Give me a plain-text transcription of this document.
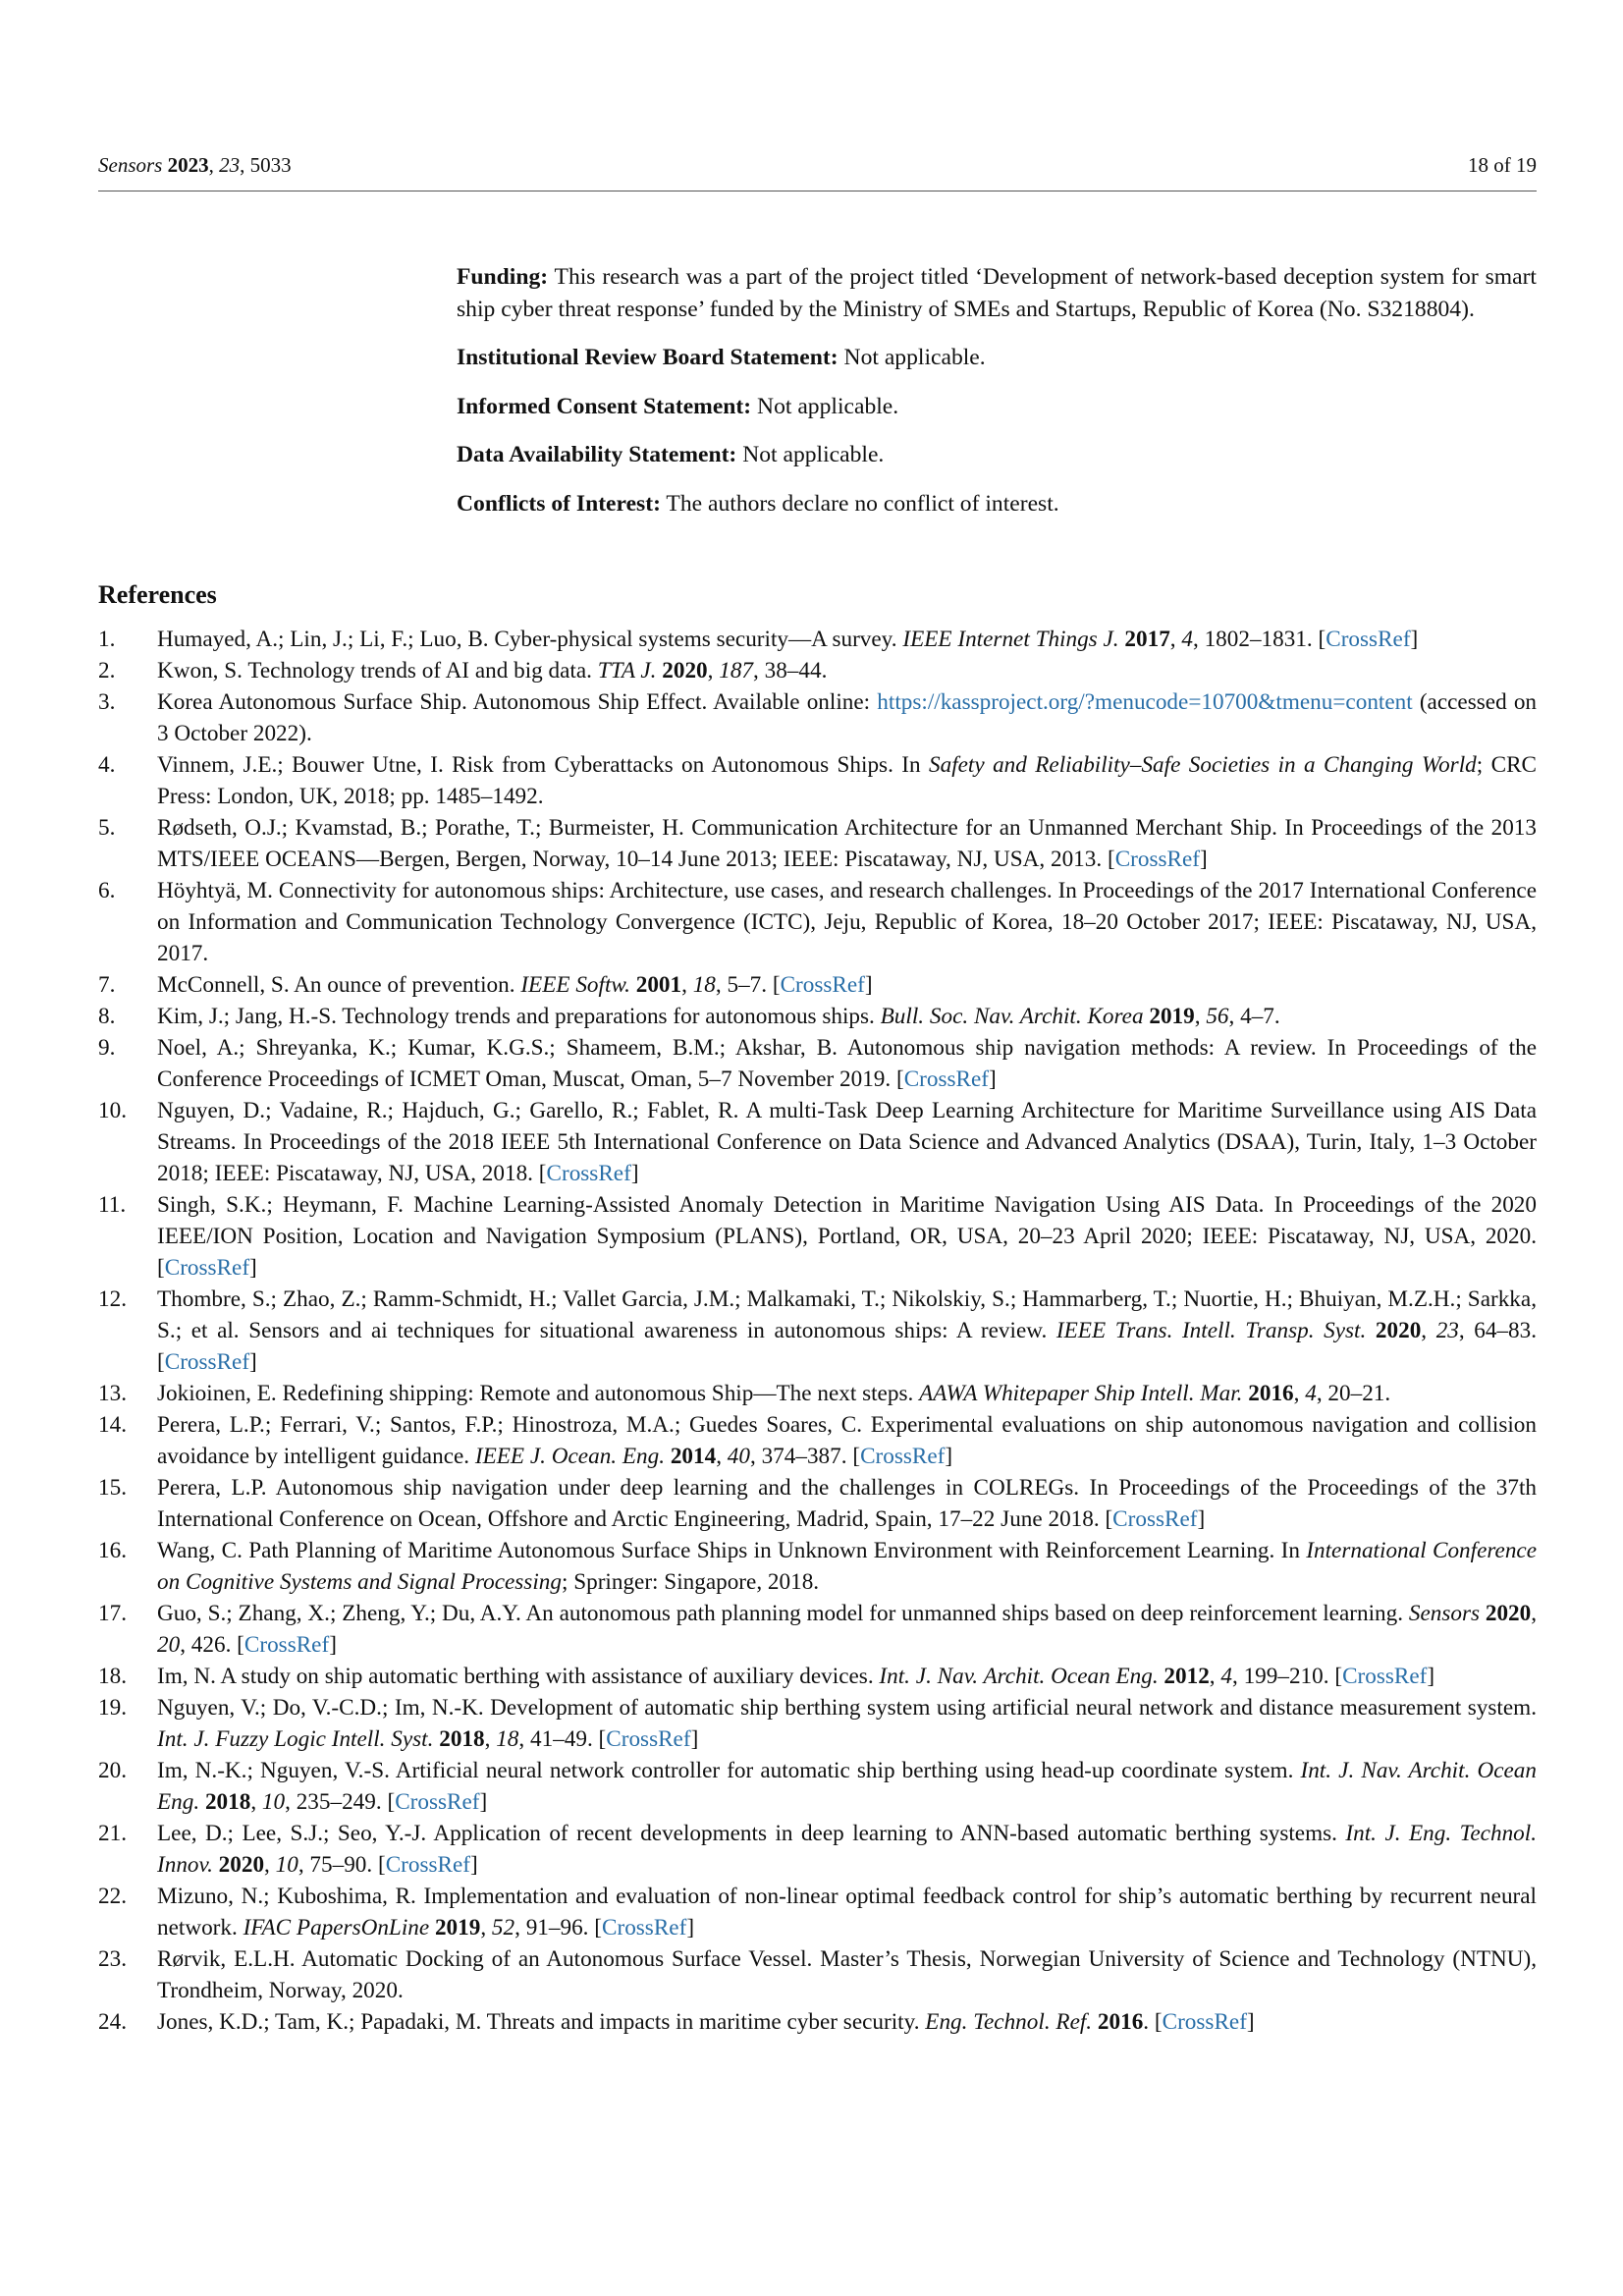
Sensors 2023, 23, 5033	18 of 19

Funding: This research was a part of the project titled ‘Development of network-based deception system for smart ship cyber threat response’ funded by the Ministry of SMEs and Startups, Republic of Korea (No. S3218804).

Institutional Review Board Statement: Not applicable.

Informed Consent Statement: Not applicable.

Data Availability Statement: Not applicable.

Conflicts of Interest: The authors declare no conflict of interest.

References
1. Humayed, A.; Lin, J.; Li, F.; Luo, B. Cyber-physical systems security—A survey. IEEE Internet Things J. 2017, 4, 1802–1831. [CrossRef]
2. Kwon, S. Technology trends of AI and big data. TTA J. 2020, 187, 38–44.
3. Korea Autonomous Surface Ship. Autonomous Ship Effect. Available online: https://kassproject.org/?menucode=10700&tmenu=content (accessed on 3 October 2022).
4. Vinnem, J.E.; Bouwer Utne, I. Risk from Cyberattacks on Autonomous Ships. In Safety and Reliability–Safe Societies in a Changing World; CRC Press: London, UK, 2018; pp. 1485–1492.
5. Rødseth, O.J.; Kvamstad, B.; Porathe, T.; Burmeister, H. Communication Architecture for an Unmanned Merchant Ship. In Proceedings of the 2013 MTS/IEEE OCEANS—Bergen, Bergen, Norway, 10–14 June 2013; IEEE: Piscataway, NJ, USA, 2013. [CrossRef]
6. Höyhtyä, M. Connectivity for autonomous ships: Architecture, use cases, and research challenges. In Proceedings of the 2017 International Conference on Information and Communication Technology Convergence (ICTC), Jeju, Republic of Korea, 18–20 October 2017; IEEE: Piscataway, NJ, USA, 2017.
7. McConnell, S. An ounce of prevention. IEEE Softw. 2001, 18, 5–7. [CrossRef]
8. Kim, J.; Jang, H.-S. Technology trends and preparations for autonomous ships. Bull. Soc. Nav. Archit. Korea 2019, 56, 4–7.
9. Noel, A.; Shreyanka, K.; Kumar, K.G.S.; Shameem, B.M.; Akshar, B. Autonomous ship navigation methods: A review. In Proceedings of the Conference Proceedings of ICMET Oman, Muscat, Oman, 5–7 November 2019. [CrossRef]
10. Nguyen, D.; Vadaine, R.; Hajduch, G.; Garello, R.; Fablet, R. A multi-Task Deep Learning Architecture for Maritime Surveillance using AIS Data Streams. In Proceedings of the 2018 IEEE 5th International Conference on Data Science and Advanced Analytics (DSAA), Turin, Italy, 1–3 October 2018; IEEE: Piscataway, NJ, USA, 2018. [CrossRef]
11. Singh, S.K.; Heymann, F. Machine Learning-Assisted Anomaly Detection in Maritime Navigation Using AIS Data. In Proceedings of the 2020 IEEE/ION Position, Location and Navigation Symposium (PLANS), Portland, OR, USA, 20–23 April 2020; IEEE: Piscataway, NJ, USA, 2020. [CrossRef]
12. Thombre, S.; Zhao, Z.; Ramm-Schmidt, H.; Vallet Garcia, J.M.; Malkamaki, T.; Nikolskiy, S.; Hammarberg, T.; Nuortie, H.; Bhuiyan, M.Z.H.; Sarkka, S.; et al. Sensors and ai techniques for situational awareness in autonomous ships: A review. IEEE Trans. Intell. Transp. Syst. 2020, 23, 64–83. [CrossRef]
13. Jokioinen, E. Redefining shipping: Remote and autonomous Ship—The next steps. AAWA Whitepaper Ship Intell. Mar. 2016, 4, 20–21.
14. Perera, L.P.; Ferrari, V.; Santos, F.P.; Hinostroza, M.A.; Guedes Soares, C. Experimental evaluations on ship autonomous navigation and collision avoidance by intelligent guidance. IEEE J. Ocean. Eng. 2014, 40, 374–387. [CrossRef]
15. Perera, L.P. Autonomous ship navigation under deep learning and the challenges in COLREGs. In Proceedings of the Proceedings of the 37th International Conference on Ocean, Offshore and Arctic Engineering, Madrid, Spain, 17–22 June 2018. [CrossRef]
16. Wang, C. Path Planning of Maritime Autonomous Surface Ships in Unknown Environment with Reinforcement Learning. In International Conference on Cognitive Systems and Signal Processing; Springer: Singapore, 2018.
17. Guo, S.; Zhang, X.; Zheng, Y.; Du, A.Y. An autonomous path planning model for unmanned ships based on deep reinforcement learning. Sensors 2020, 20, 426. [CrossRef]
18. Im, N. A study on ship automatic berthing with assistance of auxiliary devices. Int. J. Nav. Archit. Ocean Eng. 2012, 4, 199–210. [CrossRef]
19. Nguyen, V.; Do, V.-C.D.; Im, N.-K. Development of automatic ship berthing system using artificial neural network and distance measurement system. Int. J. Fuzzy Logic Intell. Syst. 2018, 18, 41–49. [CrossRef]
20. Im, N.-K.; Nguyen, V.-S. Artificial neural network controller for automatic ship berthing using head-up coordinate system. Int. J. Nav. Archit. Ocean Eng. 2018, 10, 235–249. [CrossRef]
21. Lee, D.; Lee, S.J.; Seo, Y.-J. Application of recent developments in deep learning to ANN-based automatic berthing systems. Int. J. Eng. Technol. Innov. 2020, 10, 75–90. [CrossRef]
22. Mizuno, N.; Kuboshima, R. Implementation and evaluation of non-linear optimal feedback control for ship’s automatic berthing by recurrent neural network. IFAC PapersOnLine 2019, 52, 91–96. [CrossRef]
23. Rørvik, E.L.H. Automatic Docking of an Autonomous Surface Vessel. Master’s Thesis, Norwegian University of Science and Technology (NTNU), Trondheim, Norway, 2020.
24. Jones, K.D.; Tam, K.; Papadaki, M. Threats and impacts in maritime cyber security. Eng. Technol. Ref. 2016. [CrossRef]
